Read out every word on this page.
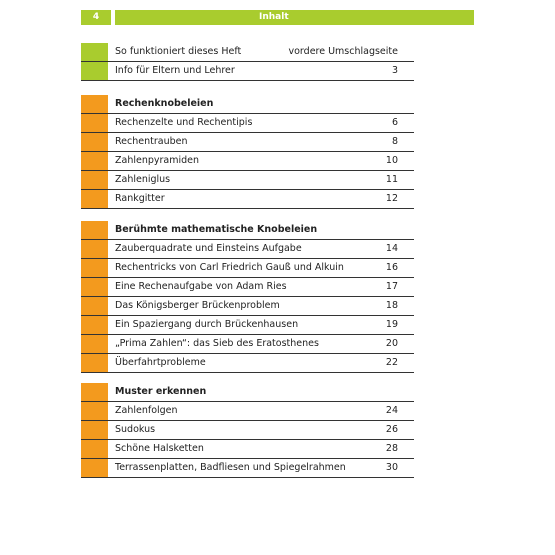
4	Inhalt
So funktioniert dieses Heft	vordere Umschlagseite
Info für Eltern und Lehrer	3
Rechenknobeleien
Rechenzelte und Rechentipis	6
Rechentrauben	8
Zahlenpyramiden	10
Zahleniglus	11
Rankgitter	12
Berühmte mathematische Knobeleien
Zauberquadrate und Einsteins Aufgabe	14
Rechentricks von Carl Friedrich Gauß und Alkuin	16
Eine Rechenaufgabe von Adam Ries	17
Das Königsberger Brückenproblem	18
Ein Spaziergang durch Brückenhausen	19
„Prima Zahlen“: das Sieb des Eratosthenes	20
Überfahrtprobleme	22
Muster erkennen
Zahlenfolgen	24
Sudokus	26
Schöne Halsketten	28
Terrassenplatten, Badfliesen und Spiegelrahmen	30
